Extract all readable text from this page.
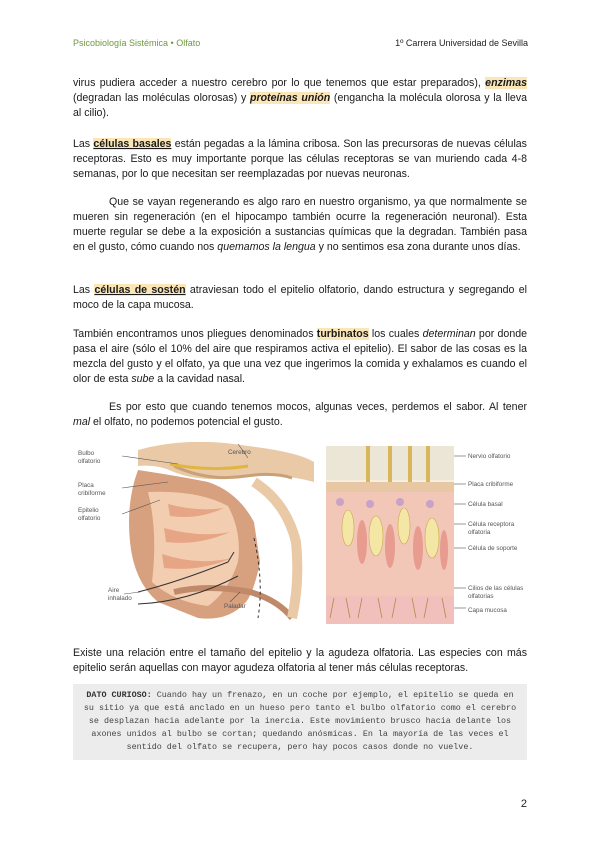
Psicobiología Sistémica • Olfato	1º Carrera Universidad de Sevilla

virus pudiera acceder a nuestro cerebro por lo que tenemos que estar preparados), enzimas (degradan las moléculas olorosas) y proteínas unión (engancha la molécula olorosa y la lleva al cilio).

Las células basales están pegadas a la lámina cribosa. Son las precursoras de nuevas células receptoras. Esto es muy importante porque las células receptoras se van muriendo cada 4-8 semanas, por lo que necesitan ser reemplazadas por nuevas neuronas.

Que se vayan regenerando es algo raro en nuestro organismo, ya que normalmente se mueren sin regeneración (en el hipocampo también ocurre la regeneración neuronal). Esta muerte regular se debe a la exposición a sustancias químicas que la degradan. También pasa en el gusto, cómo cuando nos quemamos la lengua y no sentimos esa zona durante unos días.

Las células de sostén atraviesan todo el epitelio olfatorio, dando estructura y segregando el moco de la capa mucosa.

También encontramos unos pliegues denominados turbinatos los cuales determinan por donde pasa el aire (sólo el 10% del aire que respiramos activa el epitelio). El sabor de las cosas es la mezcla del gusto y el olfato, ya que una vez que ingerimos la comida y exhalamos es cuando el olor de esta sube a la cavidad nasal.

Es por esto que cuando tenemos mocos, algunas veces, perdemos el sabor. Al tener mal el olfato, no podemos potencial el gusto.

Bulbo
olfatorio
Placa
cribiforme
Epitelio
olfatorio
Cerebro
Aire
inhalado
Paladar
Nervio olfatorio
Placa cribiforme
Célula basal
Célula receptora
olfatoria
Célula de soporte
Cilios de las células
olfatorias
Capa mucosa

Existe una relación entre el tamaño del epitelio y la agudeza olfatoria. Las especies con más epitelio serán aquellas con mayor agudeza olfatoria al tener más células receptoras.

DATO CURIOSO: Cuando hay un frenazo, en un coche por ejemplo, el epitelio se queda en su sitio ya que está anclado en un hueso pero tanto el bulbo olfatorio como el cerebro se desplazan hacia adelante por la inercia. Este movimiento brusco hacia delante los axones unidos al bulbo se cortan; quedando anósmicas. En la mayoría de las veces el sentido del olfato se recupera, pero hay pocos casos donde no vuelve.
2
